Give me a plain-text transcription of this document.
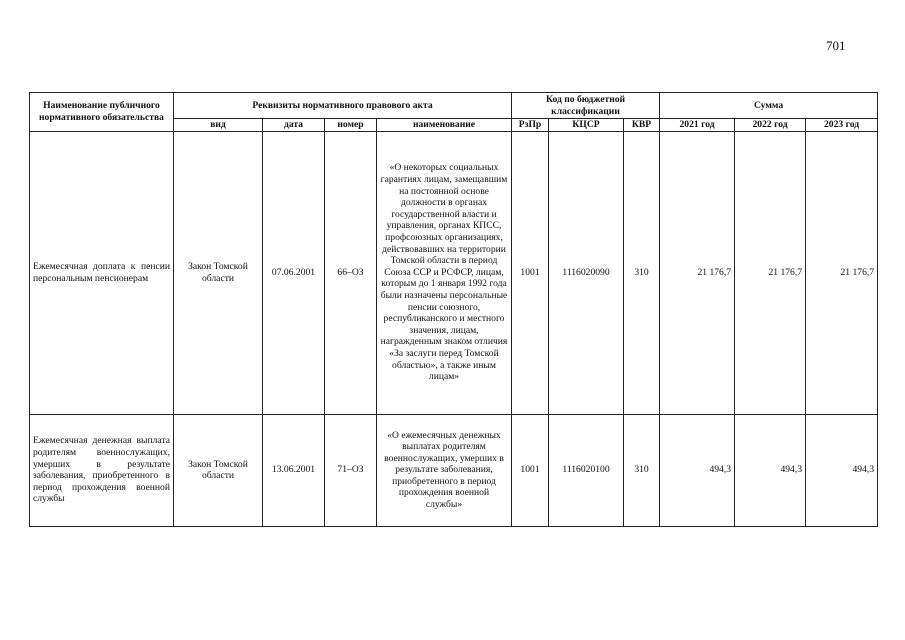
701
Наименование публичного нормативного обязательства	Реквизиты нормативного правового акта				Код по бюджетной классификации			Сумма		
	вид	дата	номер	наименование	РзПр	КЦСР	КВР	2021 год	2022 год	2023 год
Ежемесячная доплата к пенсии персональным пенсионерам	Закон Томской области	07.06.2001	66–ОЗ	«О некоторых социальных гарантиях лицам, замещавшим на постоянной основе должности в органах государственной власти и управления, органах КПСС, профсоюзных организациях, действовавших на территории Томской области в период Союза ССР и РСФСР, лицам, которым до 1 января 1992 года были назначены персональные пенсии союзного, республиканского и местного значения, лицам, награжденным знаком отличия «За заслуги перед Томской областью», а также иным лицам»	1001	1116020090	310	21 176,7	21 176,7	21 176,7
Ежемесячная денежная выплата родителям военнослужащих, умерших в результате заболевания, приобретенного в период прохождения военной службы	Закон Томской области	13.06.2001	71–ОЗ	«О ежемесячных денежных выплатах родителям военнослужащих, умерших в результате заболевания, приобретенного в период прохождения военной службы»	1001	1116020100	310	494,3	494,3	494,3
